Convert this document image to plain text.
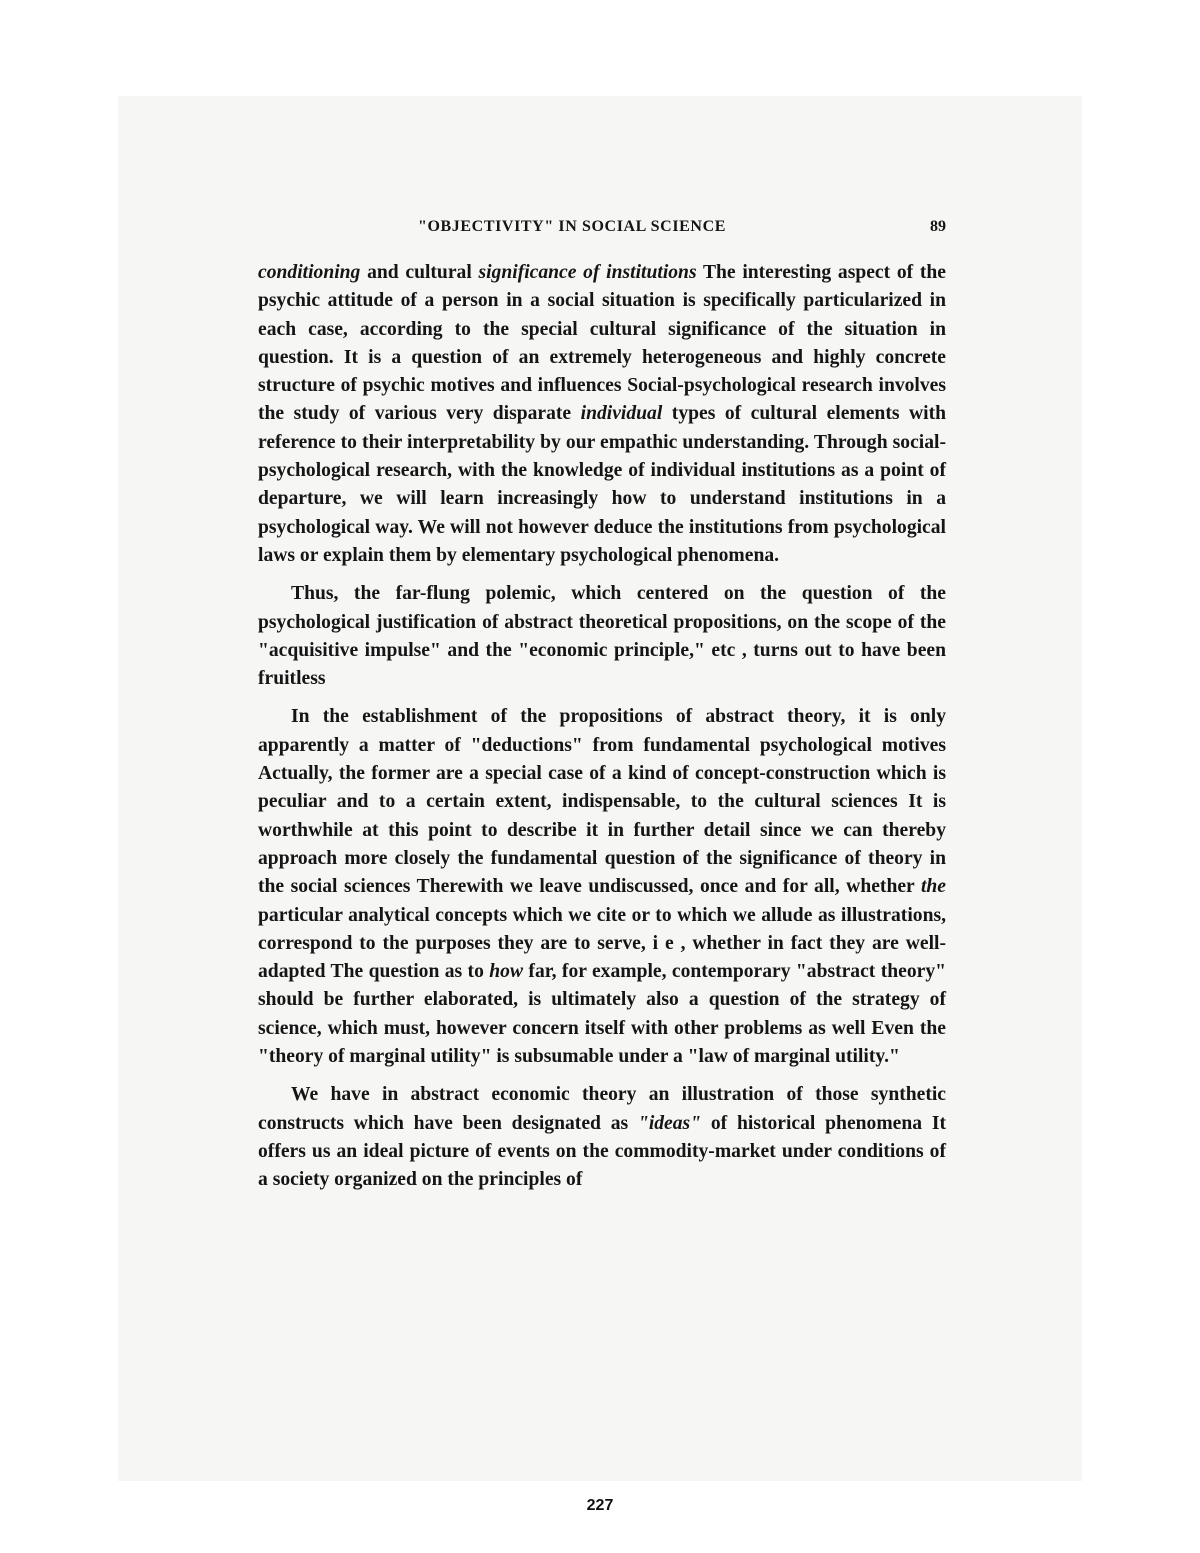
"OBJECTIVITY" IN SOCIAL SCIENCE	89

conditioning and cultural significance of institutions The interesting aspect of the psychic attitude of a person in a social situation is specifically particularized in each case, according to the special cultural significance of the situation in question. It is a question of an extremely heterogeneous and highly concrete structure of psychic motives and influences Social-psychological research involves the study of various very disparate individual types of cultural elements with reference to their interpretability by our empathic understanding. Through social-psychological research, with the knowledge of individual institutions as a point of departure, we will learn increasingly how to understand institutions in a psychological way. We will not however deduce the institutions from psychological laws or explain them by elementary psychological phenomena.

Thus, the far-flung polemic, which centered on the question of the psychological justification of abstract theoretical propositions, on the scope of the "acquisitive impulse" and the "economic principle," etc , turns out to have been fruitless

In the establishment of the propositions of abstract theory, it is only apparently a matter of "deductions" from fundamental psychological motives Actually, the former are a special case of a kind of concept-construction which is peculiar and to a certain extent, indispensable, to the cultural sciences It is worthwhile at this point to describe it in further detail since we can thereby approach more closely the fundamental question of the significance of theory in the social sciences Therewith we leave undiscussed, once and for all, whether the particular analytical concepts which we cite or to which we allude as illustrations, correspond to the purposes they are to serve, i e , whether in fact they are well-adapted The question as to how far, for example, contemporary "abstract theory" should be further elaborated, is ultimately also a question of the strategy of science, which must, however concern itself with other problems as well Even the "theory of marginal utility" is subsumable under a "law of marginal utility."

We have in abstract economic theory an illustration of those synthetic constructs which have been designated as "ideas" of historical phenomena It offers us an ideal picture of events on the commodity-market under conditions of a society organized on the principles of

227
